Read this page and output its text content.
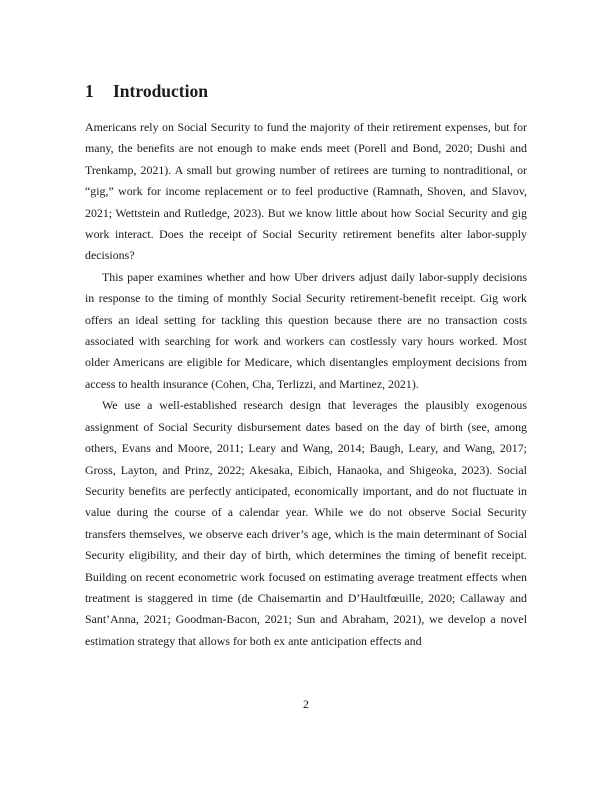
1 Introduction

Americans rely on Social Security to fund the majority of their retirement expenses, but for many, the benefits are not enough to make ends meet (Porell and Bond, 2020; Dushi and Trenkamp, 2021). A small but growing number of retirees are turning to nontraditional, or “gig,” work for income replacement or to feel productive (Ramnath, Shoven, and Slavov, 2021; Wettstein and Rutledge, 2023). But we know little about how Social Security and gig work interact. Does the receipt of Social Security retirement benefits alter labor-supply decisions?

This paper examines whether and how Uber drivers adjust daily labor-supply decisions in response to the timing of monthly Social Security retirement-benefit receipt. Gig work offers an ideal setting for tackling this question because there are no transaction costs associated with searching for work and workers can costlessly vary hours worked. Most older Americans are eligible for Medicare, which disentangles employment decisions from access to health insurance (Cohen, Cha, Terlizzi, and Martinez, 2021).

We use a well-established research design that leverages the plausibly exogenous assignment of Social Security disbursement dates based on the day of birth (see, among others, Evans and Moore, 2011; Leary and Wang, 2014; Baugh, Leary, and Wang, 2017; Gross, Layton, and Prinz, 2022; Akesaka, Eibich, Hanaoka, and Shigeoka, 2023). Social Security benefits are perfectly anticipated, economically important, and do not fluctuate in value during the course of a calendar year. While we do not observe Social Security transfers themselves, we observe each driver’s age, which is the main determinant of Social Security eligibility, and their day of birth, which determines the timing of benefit receipt. Building on recent econometric work focused on estimating average treatment effects when treatment is staggered in time (de Chaisemartin and D’Haultfœuille, 2020; Callaway and Sant’Anna, 2021; Goodman-Bacon, 2021; Sun and Abraham, 2021), we develop a novel estimation strategy that allows for both ex ante anticipation effects and

2
